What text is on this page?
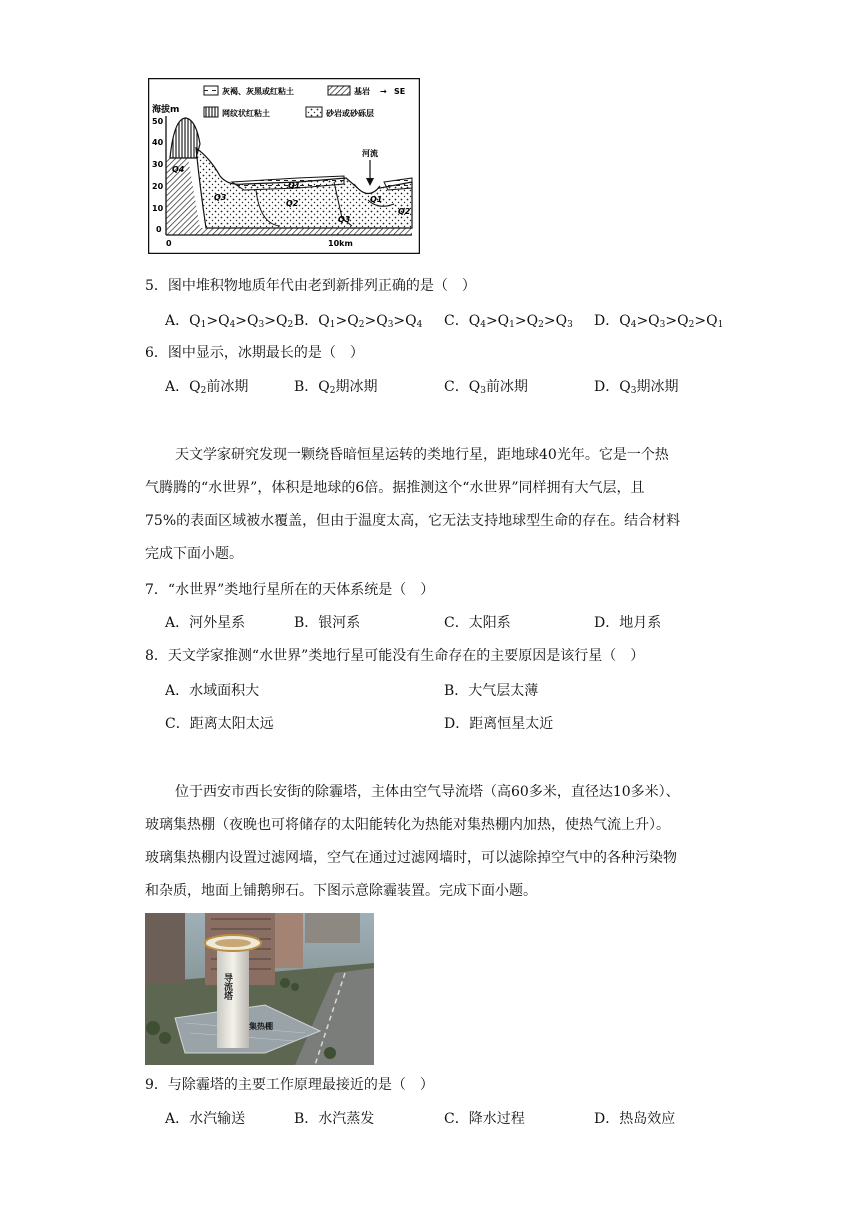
灰褐、灰黑或红粘土	基岩 → SE
网纹状红粘土	砂岩或砂砾层
海拔m
50
40
30
20
10
0
0	10km
河流
Q4
Q3
Q2
Q1
Q3
Q1
Q2
5．图中堆积物地质年代由老到新排列正确的是（　）
A．$Q_1>Q_4>Q_3>Q_2$ B．$Q_1>Q_2>Q_3>Q_4$ C．$Q_4>Q_1>Q_2>Q_3$ D．$Q_4>Q_3>Q_2>Q_1$
6．图中显示，冰期最长的是（　）
A．$Q_2$前冰期	B．$Q_2$期冰期	C．$Q_3$前冰期	D．$Q_3$期冰期
天文学家研究发现一颗绕昏暗恒星运转的类地行星，距地球40光年。它是一个热
气腾腾的“水世界”，体积是地球的6倍。据推测这个“水世界”同样拥有大气层，且
75%的表面区域被水覆盖，但由于温度太高，它无法支持地球型生命的存在。结合材料
完成下面小题。
7．“水世界”类地行星所在的天体系统是（　）
A．河外星系	B．银河系	C．太阳系	D．地月系
8．天文学家推测“水世界”类地行星可能没有生命存在的主要原因是该行星（　）
A．水域面积大	B．大气层太薄
C．距离太阳太远	D．距离恒星太近
位于西安市西长安街的除霾塔，主体由空气导流塔（高60多米，直径达10多米）、
玻璃集热棚（夜晚也可将储存的太阳能转化为热能对集热棚内加热，使热气流上升）。
玻璃集热棚内设置过滤网墙，空气在通过过滤网墙时，可以滤除掉空气中的各种污染物
和杂质，地面上铺鹅卵石。下图示意除霾装置。完成下面小题。
导流塔
集热棚
9．与除霾塔的主要工作原理最接近的是（　）
A．水汽输送	B．水汽蒸发	C．降水过程	D．热岛效应
